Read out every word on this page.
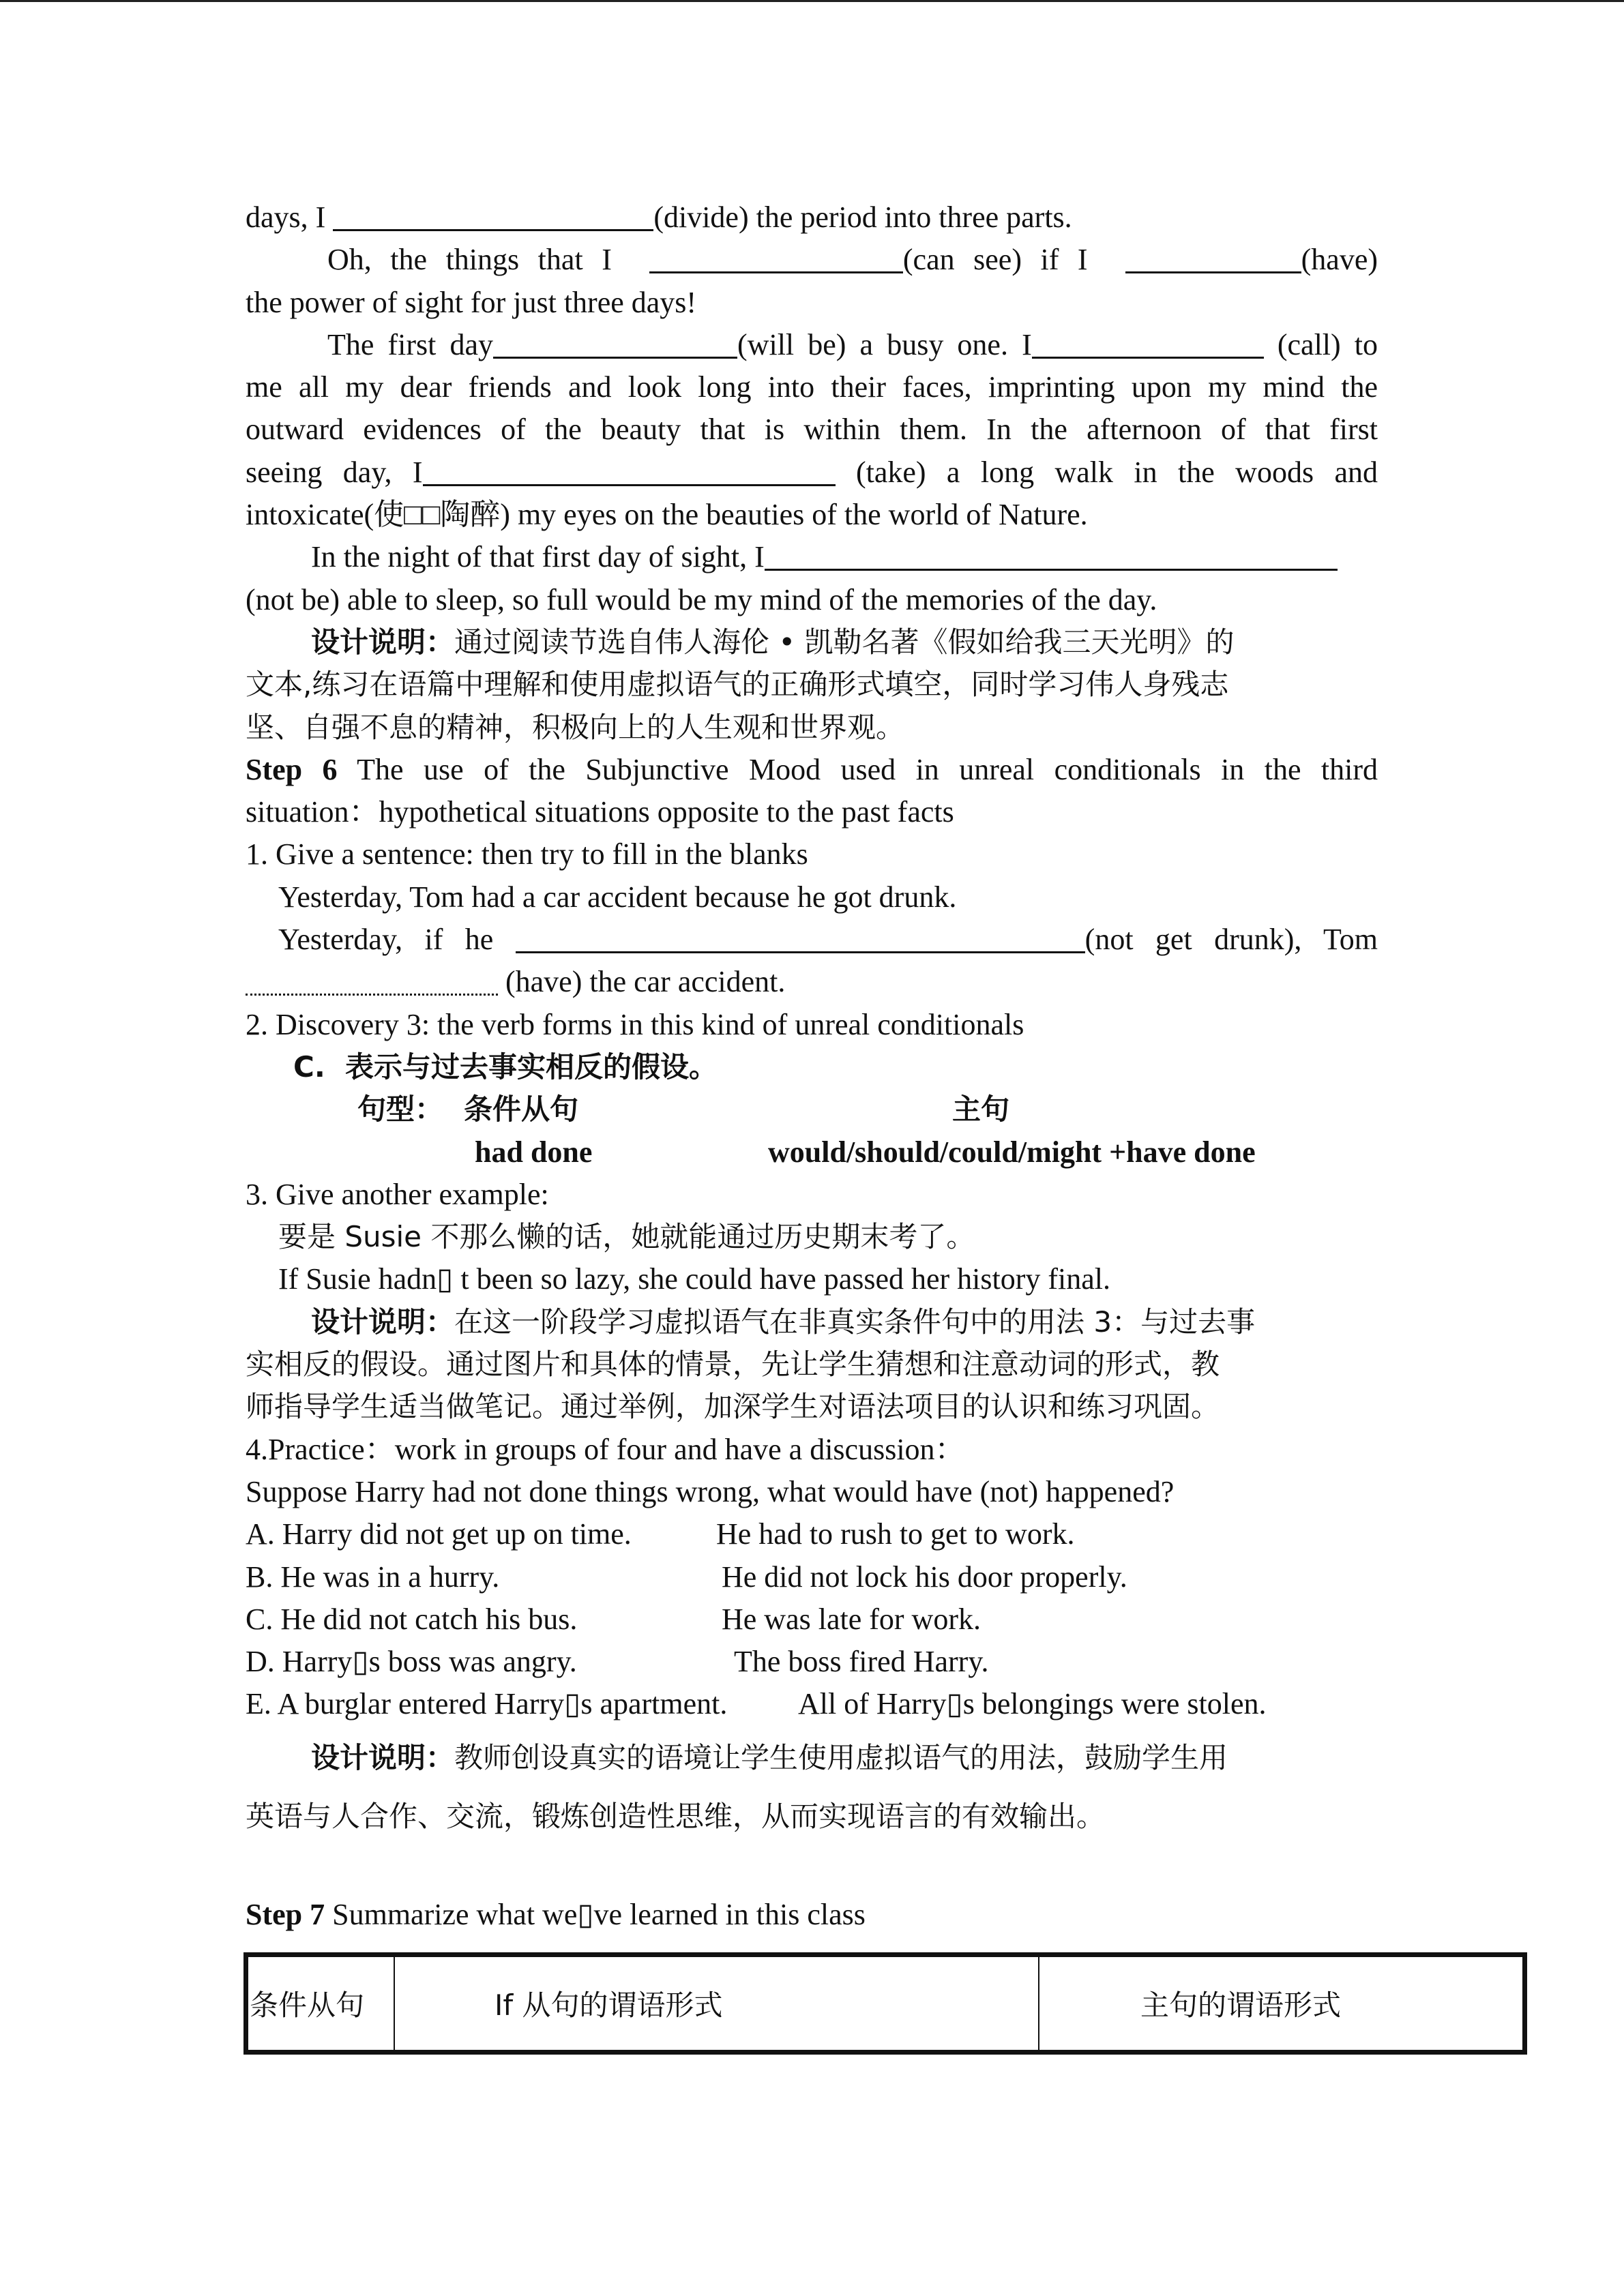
days, I	(divide) the period into three parts.
Oh, the things that I	(can see) if I	(have)
the power of sight for just three days!
The first day	(will be) a busy one. I	(call) to
me all my dear friends and look long into their faces, imprinting upon my mind the
outward evidences of the beauty that is within them. In the afternoon of that first
seeing day, I	(take) a long walk in the woods and
intoxicate(使□□陶醉) my eyes on the beauties of the world of Nature.
In the night of that first day of sight, I
(not be) able to sleep, so full would be my mind of the memories of the day.
设计说明：通过阅读节选自伟人海伦 • 凯勒名著《假如给我三天光明》的
文本,练习在语篇中理解和使用虚拟语气的正确形式填空，同时学习伟人身残志
坚、自强不息的精神，积极向上的人生观和世界观。
Step 6 The use of the Subjunctive Mood used in unreal conditionals in the third
situation：hypothetical situations opposite to the past facts
1. Give a sentence: then try to fill in the blanks
Yesterday, Tom had a car accident because he got drunk.
Yesterday, if he	(not get drunk), Tom
(have) the car accident.
2. Discovery 3: the verb forms in this kind of unreal conditionals
C.  表示与过去事实相反的假设。
句型： 条件从句	主句
had done	would/should/could/might +have done
3. Give another example:
要是 Susie 不那么懒的话，她就能通过历史期末考了。
If Susie hadn▯ t been so lazy, she could have passed her history final.
设计说明：在这一阶段学习虚拟语气在非真实条件句中的用法 3：与过去事
实相反的假设。通过图片和具体的情景，先让学生猜想和注意动词的形式，教
师指导学生适当做笔记。通过举例，加深学生对语法项目的认识和练习巩固。
4.Practice：work in groups of four and have a discussion：
Suppose Harry had not done things wrong, what would have (not) happened?
A. Harry did not get up on time.	He had to rush to get to work.
B. He was in a hurry.	He did not lock his door properly.
C. He did not catch his bus.	He was late for work.
D. Harry▯s boss was angry.	The boss fired Harry.
E. A burglar entered Harry▯s apartment.	All of Harry▯s belongings were stolen.
设计说明：教师创设真实的语境让学生使用虚拟语气的用法，鼓励学生用
英语与人合作、交流，锻炼创造性思维，从而实现语言的有效输出。
Step 7 Summarize what we▯ve learned in this class
条件从句	If 从句的谓语形式	主句的谓语形式
